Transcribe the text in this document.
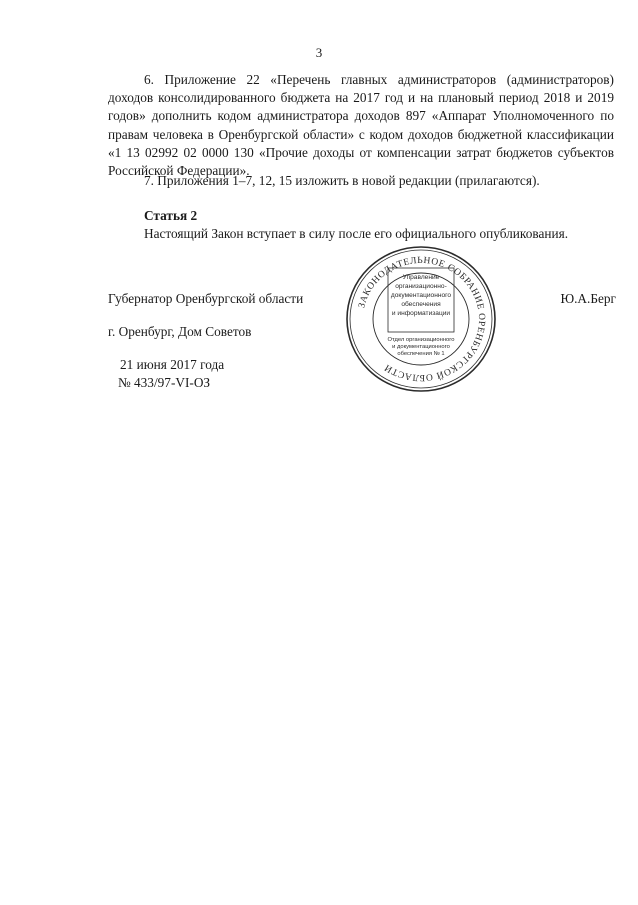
3
6. Приложение 22 «Перечень главных администраторов (администраторов) доходов консолидированного бюджета на 2017 год и на плановый период 2018 и 2019 годов» дополнить кодом администратора доходов 897 «Аппарат Уполномоченного по правам человека в Оренбургской области» с кодом доходов бюджетной классификации «1 13 02992 02 0000 130 «Прочие доходы от компенсации затрат бюджетов субъектов Российской Федерации».
7. Приложения 1–7, 12, 15 изложить в новой редакции (прилагаются).
Статья 2
Настоящий Закон вступает в силу после его официального опубликования.
Губернатор Оренбургской области	Ю.А.Берг
г. Оренбург, Дом Советов
21 июня 2017 года
№ 433/97-VI-ОЗ
ЗАКОНОДАТЕЛЬНОЕ СОБРАНИЕ ОРЕНБУРГСКОЙ ОБЛАСТИ
Управление
организационно-
документационного
обеспечения
и информатизации
Отдел организационного
и документационного
обеспечения № 1
